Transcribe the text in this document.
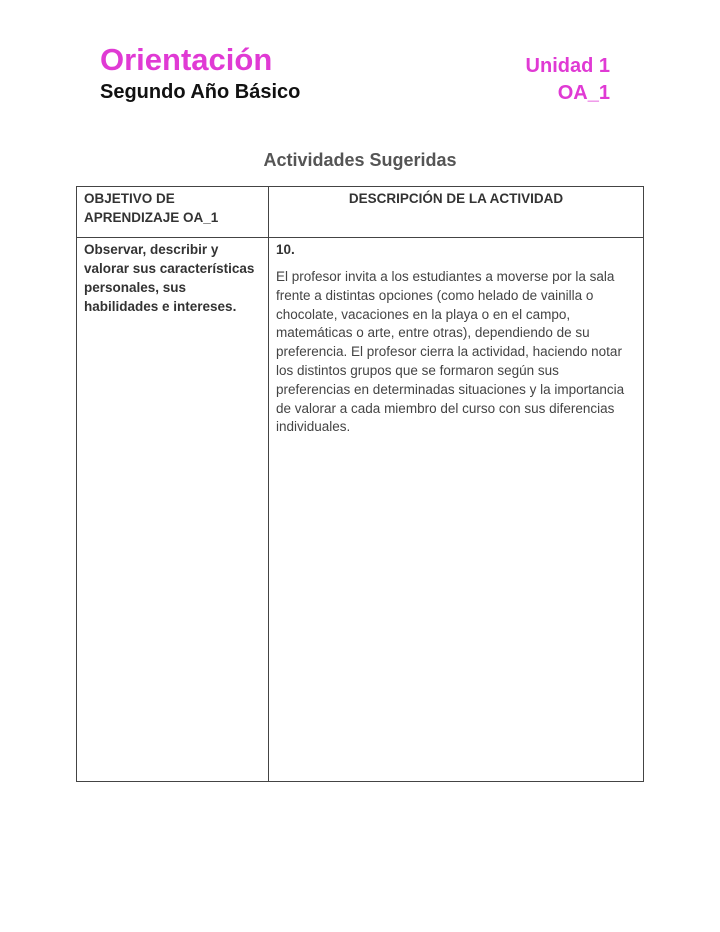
Orientación
Segundo Año Básico
Unidad 1
OA_1
Actividades Sugeridas
OBJETIVO DE APRENDIZAJE OA_1	DESCRIPCIÓN DE LA ACTIVIDAD
Observar, describir y valorar sus características personales, sus habilidades e intereses.	10.
El profesor invita a los estudiantes a moverse por la sala frente a distintas opciones (como helado de vainilla o chocolate, vacaciones en la playa o en el campo, matemáticas o arte, entre otras), dependiendo de su preferencia. El profesor cierra la actividad, haciendo notar los distintos grupos que se formaron según sus preferencias en determinadas situaciones y la importancia de valorar a cada miembro del curso con sus diferencias individuales.
